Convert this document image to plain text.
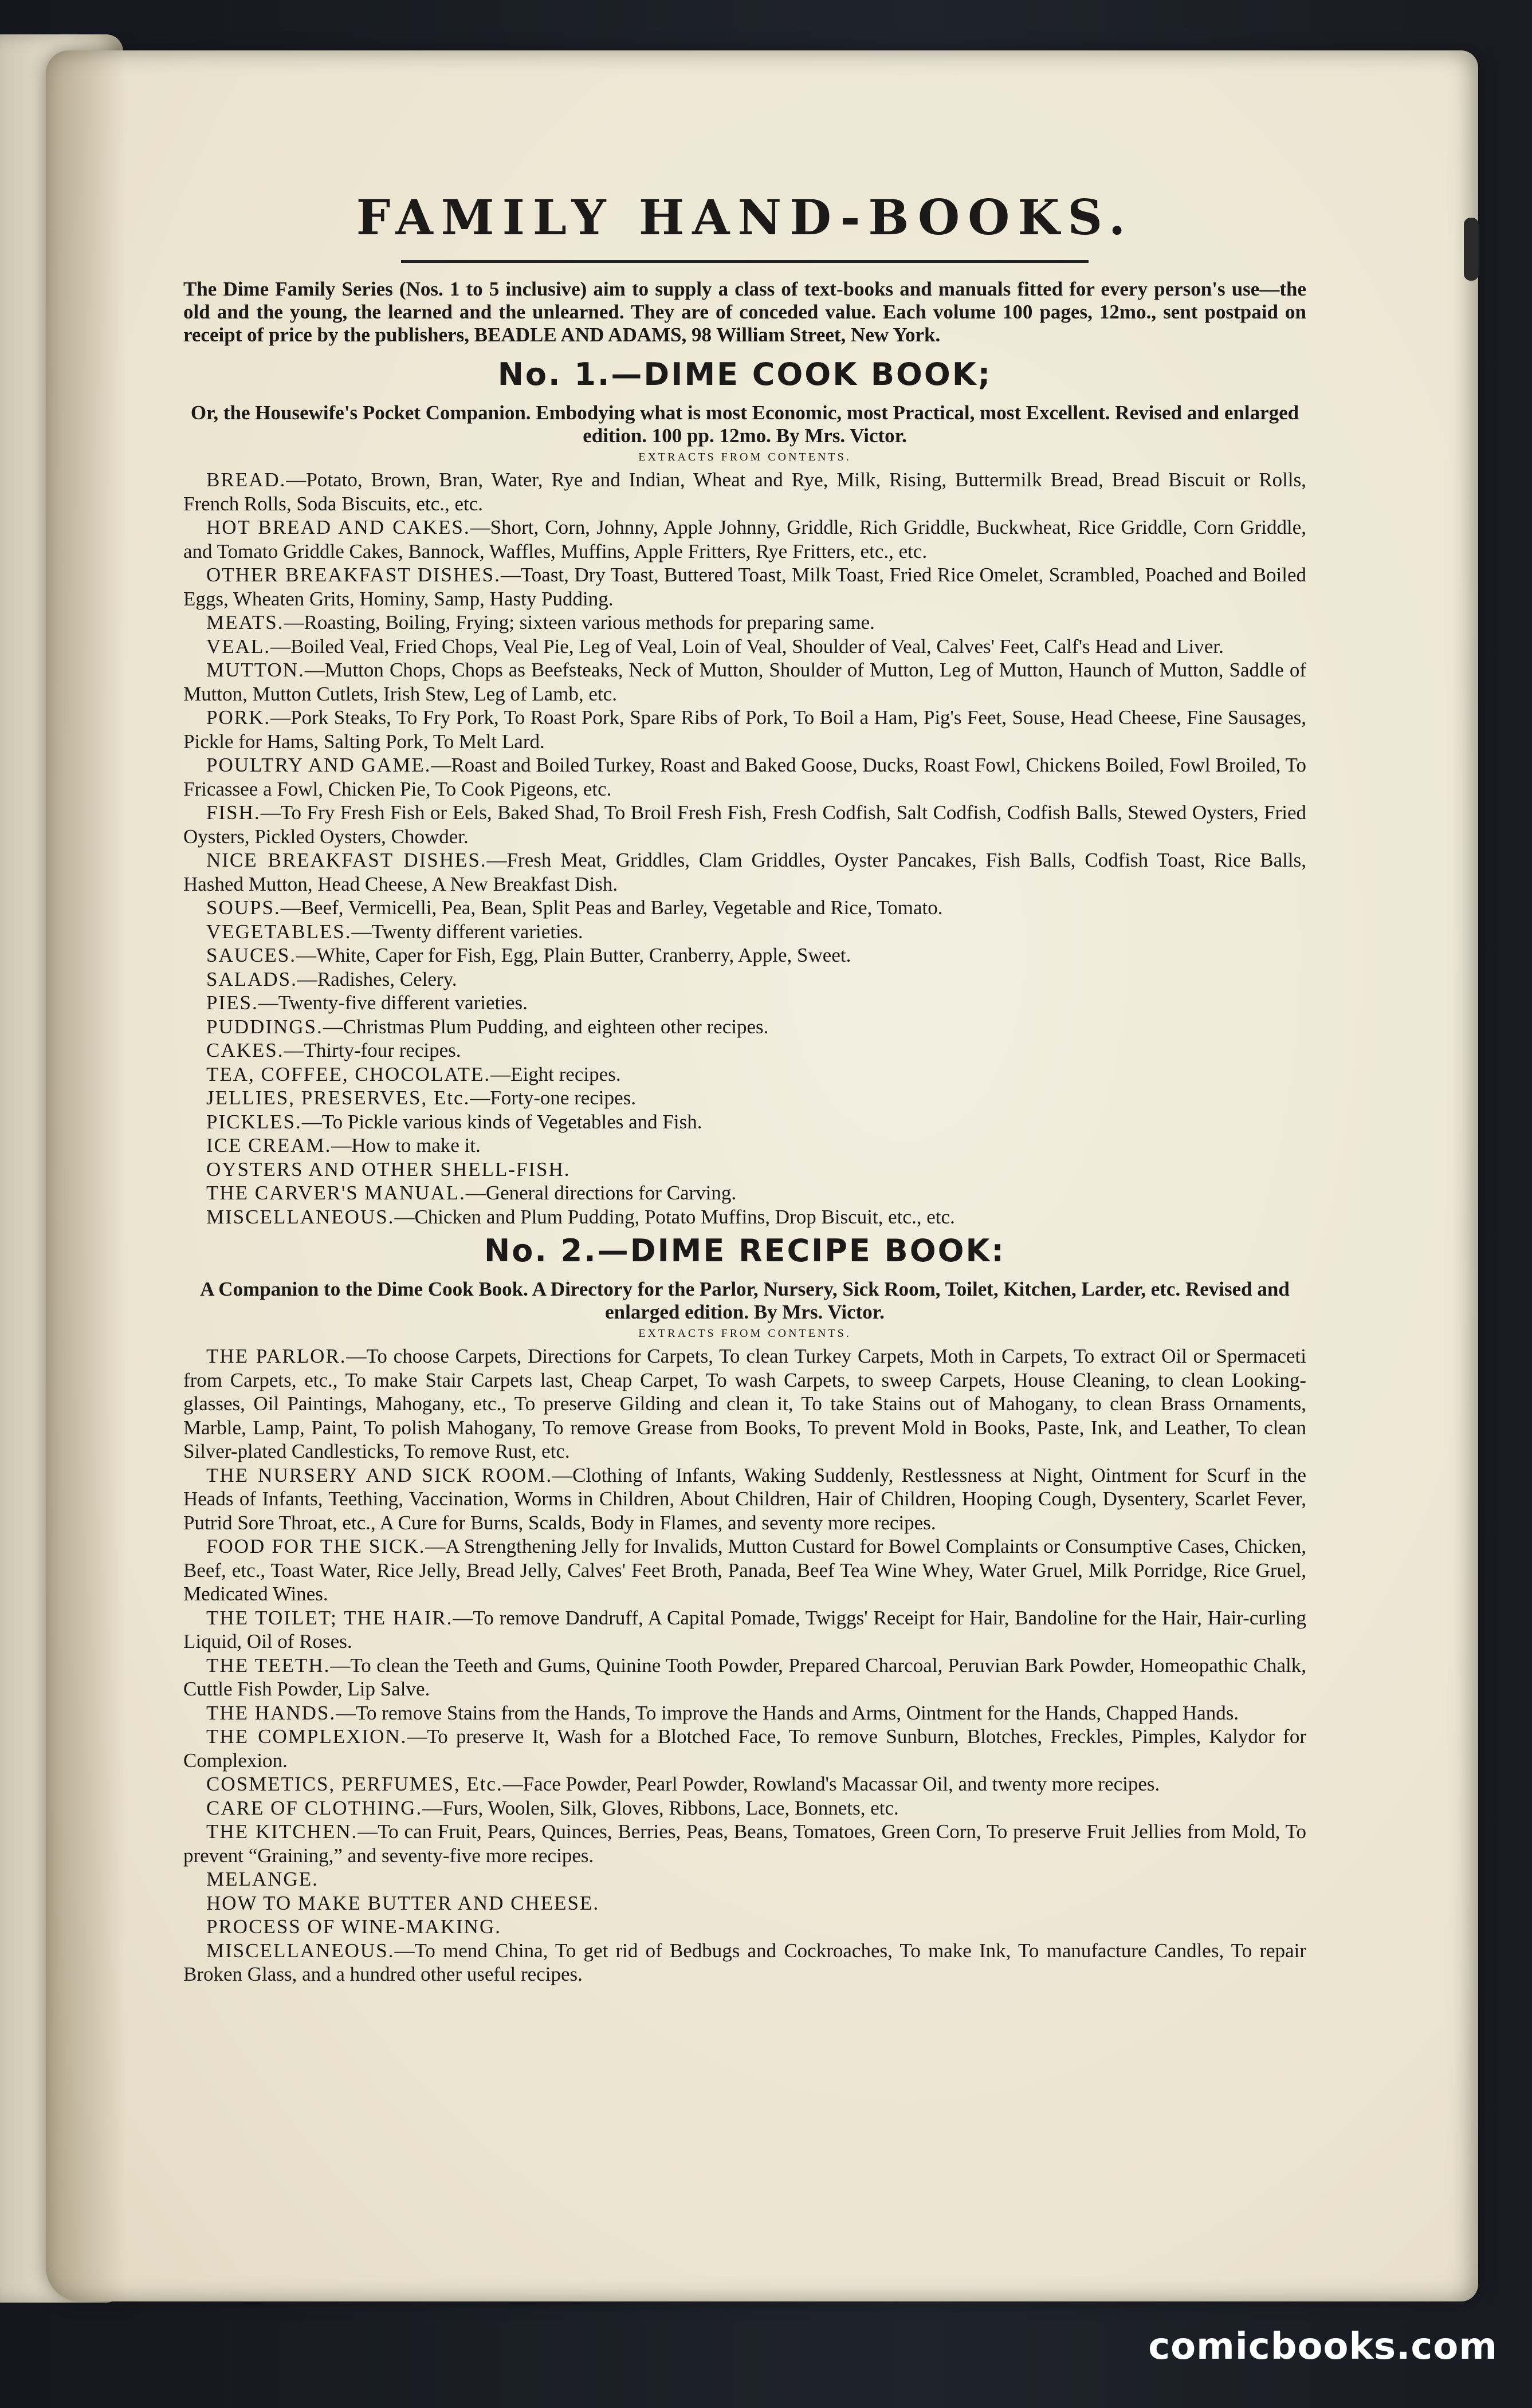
FAMILY HAND-BOOKS.

The Dime Family Series (Nos. 1 to 5 inclusive) aim to supply a class of text-books and manuals fitted for every person's use—the old and the young, the learned and the unlearned. They are of conceded value. Each volume 100 pages, 12mo., sent postpaid on receipt of price by the publishers, BEADLE AND ADAMS, 98 William Street, New York.

No. 1.—DIME COOK BOOK;

Or, the Housewife's Pocket Companion. Embodying what is most Economic, most Practical, most Excellent. Revised and enlarged edition. 100 pp. 12mo. By Mrs. Victor.

EXTRACTS FROM CONTENTS.

BREAD.—Potato, Brown, Bran, Water, Rye and Indian, Wheat and Rye, Milk, Rising, Buttermilk Bread, Bread Biscuit or Rolls, French Rolls, Soda Biscuits, etc., etc.

HOT BREAD AND CAKES.—Short, Corn, Johnny, Apple Johnny, Griddle, Rich Griddle, Buckwheat, Rice Griddle, Corn Griddle, and Tomato Griddle Cakes, Bannock, Waffles, Muffins, Apple Fritters, Rye Fritters, etc., etc.

OTHER BREAKFAST DISHES.—Toast, Dry Toast, Buttered Toast, Milk Toast, Fried Rice Omelet, Scrambled, Poached and Boiled Eggs, Wheaten Grits, Hominy, Samp, Hasty Pudding.

MEATS.—Roasting, Boiling, Frying; sixteen various methods for preparing same.

VEAL.—Boiled Veal, Fried Chops, Veal Pie, Leg of Veal, Loin of Veal, Shoulder of Veal, Calves' Feet, Calf's Head and Liver.

MUTTON.—Mutton Chops, Chops as Beefsteaks, Neck of Mutton, Shoulder of Mutton, Leg of Mutton, Haunch of Mutton, Saddle of Mutton, Mutton Cutlets, Irish Stew, Leg of Lamb, etc.

PORK.—Pork Steaks, To Fry Pork, To Roast Pork, Spare Ribs of Pork, To Boil a Ham, Pig's Feet, Souse, Head Cheese, Fine Sausages, Pickle for Hams, Salting Pork, To Melt Lard.

POULTRY AND GAME.—Roast and Boiled Turkey, Roast and Baked Goose, Ducks, Roast Fowl, Chickens Boiled, Fowl Broiled, To Fricassee a Fowl, Chicken Pie, To Cook Pigeons, etc.

FISH.—To Fry Fresh Fish or Eels, Baked Shad, To Broil Fresh Fish, Fresh Codfish, Salt Codfish, Codfish Balls, Stewed Oysters, Fried Oysters, Pickled Oysters, Chowder.

NICE BREAKFAST DISHES.—Fresh Meat, Griddles, Clam Griddles, Oyster Pancakes, Fish Balls, Codfish Toast, Rice Balls, Hashed Mutton, Head Cheese, A New Breakfast Dish.

SOUPS.—Beef, Vermicelli, Pea, Bean, Split Peas and Barley, Vegetable and Rice, Tomato.

VEGETABLES.—Twenty different varieties.

SAUCES.—White, Caper for Fish, Egg, Plain Butter, Cranberry, Apple, Sweet.

SALADS.—Radishes, Celery.

PIES.—Twenty-five different varieties.

PUDDINGS.—Christmas Plum Pudding, and eighteen other recipes.

CAKES.—Thirty-four recipes.

TEA, COFFEE, CHOCOLATE.—Eight recipes.

JELLIES, PRESERVES, Etc.—Forty-one recipes.

PICKLES.—To Pickle various kinds of Vegetables and Fish.

ICE CREAM.—How to make it.

OYSTERS AND OTHER SHELL-FISH.

THE CARVER'S MANUAL.—General directions for Carving.

MISCELLANEOUS.—Chicken and Plum Pudding, Potato Muffins, Drop Biscuit, etc., etc.

No. 2.—DIME RECIPE BOOK:

A Companion to the Dime Cook Book. A Directory for the Parlor, Nursery, Sick Room, Toilet, Kitchen, Larder, etc. Revised and enlarged edition. By Mrs. Victor.

EXTRACTS FROM CONTENTS.

THE PARLOR.—To choose Carpets, Directions for Carpets, To clean Turkey Carpets, Moth in Carpets, To extract Oil or Spermaceti from Carpets, etc., To make Stair Carpets last, Cheap Carpet, To wash Carpets, to sweep Carpets, House Cleaning, to clean Looking-glasses, Oil Paintings, Mahogany, etc., To preserve Gilding and clean it, To take Stains out of Mahogany, to clean Brass Ornaments, Marble, Lamp, Paint, To polish Mahogany, To remove Grease from Books, To prevent Mold in Books, Paste, Ink, and Leather, To clean Silver-plated Candlesticks, To remove Rust, etc.

THE NURSERY AND SICK ROOM.—Clothing of Infants, Waking Suddenly, Restlessness at Night, Ointment for Scurf in the Heads of Infants, Teething, Vaccination, Worms in Children, About Children, Hair of Children, Hooping Cough, Dysentery, Scarlet Fever, Putrid Sore Throat, etc., A Cure for Burns, Scalds, Body in Flames, and seventy more recipes.

FOOD FOR THE SICK.—A Strengthening Jelly for Invalids, Mutton Custard for Bowel Complaints or Consumptive Cases, Chicken, Beef, etc., Toast Water, Rice Jelly, Bread Jelly, Calves' Feet Broth, Panada, Beef Tea Wine Whey, Water Gruel, Milk Porridge, Rice Gruel, Medicated Wines.

THE TOILET; THE HAIR.—To remove Dandruff, A Capital Pomade, Twiggs' Receipt for Hair, Bandoline for the Hair, Hair-curling Liquid, Oil of Roses.

THE TEETH.—To clean the Teeth and Gums, Quinine Tooth Powder, Prepared Charcoal, Peruvian Bark Powder, Homeopathic Chalk, Cuttle Fish Powder, Lip Salve.

THE HANDS.—To remove Stains from the Hands, To improve the Hands and Arms, Ointment for the Hands, Chapped Hands.

THE COMPLEXION.—To preserve It, Wash for a Blotched Face, To remove Sunburn, Blotches, Freckles, Pimples, Kalydor for Complexion.

COSMETICS, PERFUMES, Etc.—Face Powder, Pearl Powder, Rowland's Macassar Oil, and twenty more recipes.

CARE OF CLOTHING.—Furs, Woolen, Silk, Gloves, Ribbons, Lace, Bonnets, etc.

THE KITCHEN.—To can Fruit, Pears, Quinces, Berries, Peas, Beans, Tomatoes, Green Corn, To preserve Fruit Jellies from Mold, To prevent “Graining,” and seventy-five more recipes.

MELANGE.

HOW TO MAKE BUTTER AND CHEESE.

PROCESS OF WINE-MAKING.

MISCELLANEOUS.—To mend China, To get rid of Bedbugs and Cockroaches, To make Ink, To manufacture Candles, To repair Broken Glass, and a hundred other useful recipes.

comicbooks.com
